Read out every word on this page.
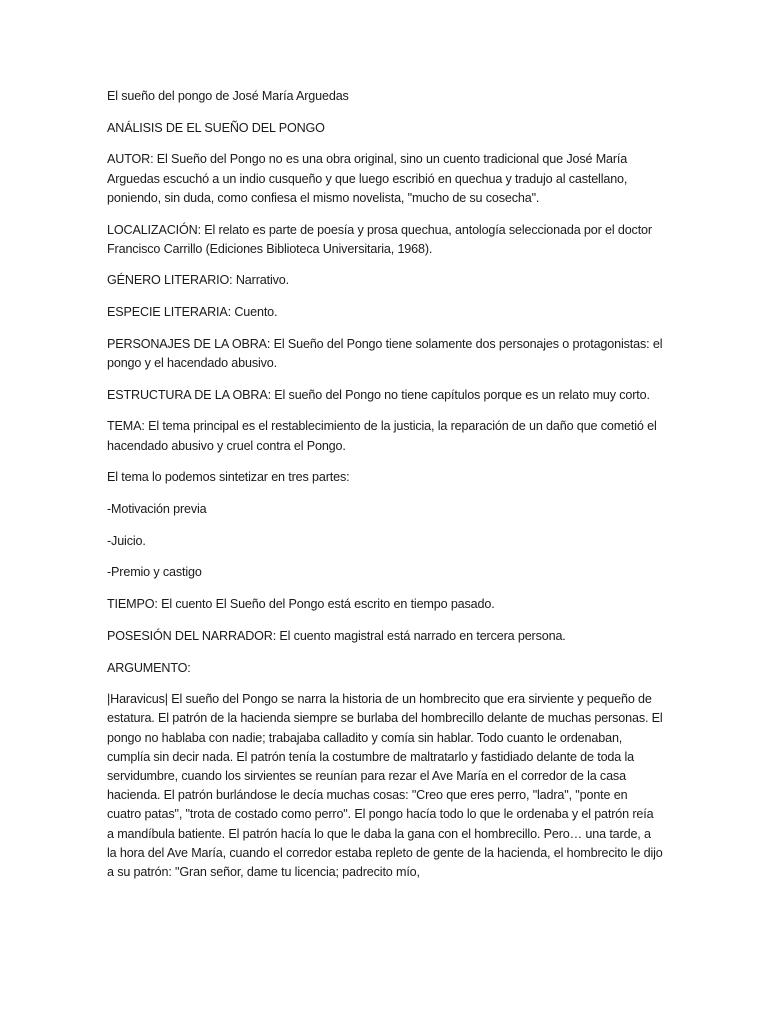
El sueño del pongo de José María Arguedas

ANÁLISIS DE EL SUEÑO DEL PONGO

AUTOR: El Sueño del Pongo no es una obra original, sino un cuento tradicional que José María Arguedas escuchó a un indio cusqueño y que luego escribió en quechua y tradujo al castellano, poniendo, sin duda, como confiesa el mismo novelista, "mucho de su cosecha".

LOCALIZACIÓN: El relato es parte de poesía y prosa quechua, antología seleccionada por el doctor Francisco Carrillo (Ediciones Biblioteca Universitaria, 1968).

GÉNERO LITERARIO: Narrativo.

ESPECIE LITERARIA: Cuento.

PERSONAJES DE LA OBRA: El Sueño del Pongo tiene solamente dos personajes o protagonistas: el pongo y el hacendado abusivo.

ESTRUCTURA DE LA OBRA: El sueño del Pongo no tiene capítulos porque es un relato muy corto.

TEMA: El tema principal es el restablecimiento de la justicia, la reparación de un daño que cometió el hacendado abusivo y cruel contra el Pongo.

El tema lo podemos sintetizar en tres partes:

-Motivación previa

-Juicio.

-Premio y castigo

TIEMPO: El cuento El Sueño del Pongo está escrito en tiempo pasado.

POSESIÓN DEL NARRADOR: El cuento magistral está narrado en tercera persona.

ARGUMENTO:

|Haravicus| El sueño del Pongo se narra la historia de un hombrecito que era sirviente y pequeño de estatura. El patrón de la hacienda siempre se burlaba del hombrecillo delante de muchas personas. El pongo no hablaba con nadie; trabajaba calladito y comía sin hablar. Todo cuanto le ordenaban, cumplía sin decir nada. El patrón tenía la costumbre de maltratarlo y fastidiado delante de toda la servidumbre, cuando los sirvientes se reunían para rezar el Ave María en el corredor de la casa hacienda. El patrón burlándose le decía muchas cosas: "Creo que eres perro, "ladra", "ponte en cuatro patas", "trota de costado como perro". El pongo hacía todo lo que le ordenaba y el patrón reía a mandíbula batiente. El patrón hacía lo que le daba la gana con el hombrecillo. Pero… una tarde, a la hora del Ave María, cuando el corredor estaba repleto de gente de la hacienda, el hombrecito le dijo a su patrón: "Gran señor, dame tu licencia; padrecito mío,
